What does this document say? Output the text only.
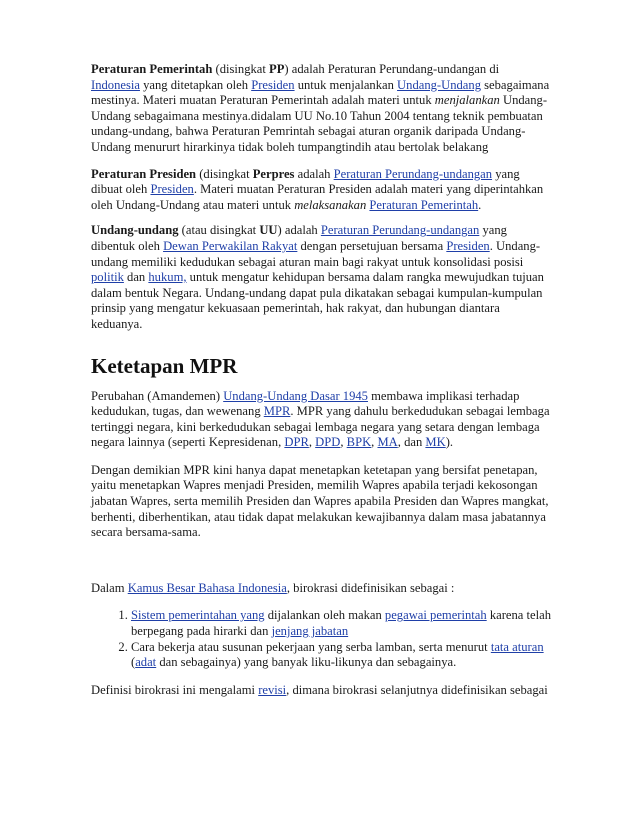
Peraturan Pemerintah (disingkat PP) adalah Peraturan Perundang-undangan di Indonesia yang ditetapkan oleh Presiden untuk menjalankan Undang-Undang sebagaimana mestinya. Materi muatan Peraturan Pemerintah adalah materi untuk menjalankan Undang-Undang sebagaimana mestinya.didalam UU No.10 Tahun 2004 tentang teknik pembuatan undang-undang, bahwa Peraturan Pemrintah sebagai aturan organik daripada Undang-Undang menururt hirarkinya tidak boleh tumpangtindih atau bertolak belakang

Peraturan Presiden (disingkat Perpres adalah Peraturan Perundang-undangan yang dibuat oleh Presiden. Materi muatan Peraturan Presiden adalah materi yang diperintahkan oleh Undang-Undang atau materi untuk melaksanakan Peraturan Pemerintah.

Undang-undang (atau disingkat UU) adalah Peraturan Perundang-undangan yang dibentuk oleh Dewan Perwakilan Rakyat dengan persetujuan bersama Presiden. Undang-undang memiliki kedudukan sebagai aturan main bagi rakyat untuk konsolidasi posisi politik dan hukum, untuk mengatur kehidupan bersama dalam rangka mewujudkan tujuan dalam bentuk Negara. Undang-undang dapat pula dikatakan sebagai kumpulan-kumpulan prinsip yang mengatur kekuasaan pemerintah, hak rakyat, dan hubungan diantara keduanya.

Ketetapan MPR

Perubahan (Amandemen) Undang-Undang Dasar 1945 membawa implikasi terhadap kedudukan, tugas, dan wewenang MPR. MPR yang dahulu berkedudukan sebagai lembaga tertinggi negara, kini berkedudukan sebagai lembaga negara yang setara dengan lembaga negara lainnya (seperti Kepresidenan, DPR, DPD, BPK, MA, dan MK).

Dengan demikian MPR kini hanya dapat menetapkan ketetapan yang bersifat penetapan, yaitu menetapkan Wapres menjadi Presiden, memilih Wapres apabila terjadi kekosongan jabatan Wapres, serta memilih Presiden dan Wapres apabila Presiden dan Wapres mangkat, berhenti, diberhentikan, atau tidak dapat melakukan kewajibannya dalam masa jabatannya secara bersama-sama.

Dalam Kamus Besar Bahasa Indonesia, birokrasi didefinisikan sebagai :

1. Sistem pemerintahan yang dijalankan oleh makan pegawai pemerintah karena telah berpegang pada hirarki dan jenjang jabatan
2. Cara bekerja atau susunan pekerjaan yang serba lamban, serta menurut tata aturan (adat dan sebagainya) yang banyak liku-likunya dan sebagainya.

Definisi birokrasi ini mengalami revisi, dimana birokrasi selanjutnya didefinisikan sebagai
